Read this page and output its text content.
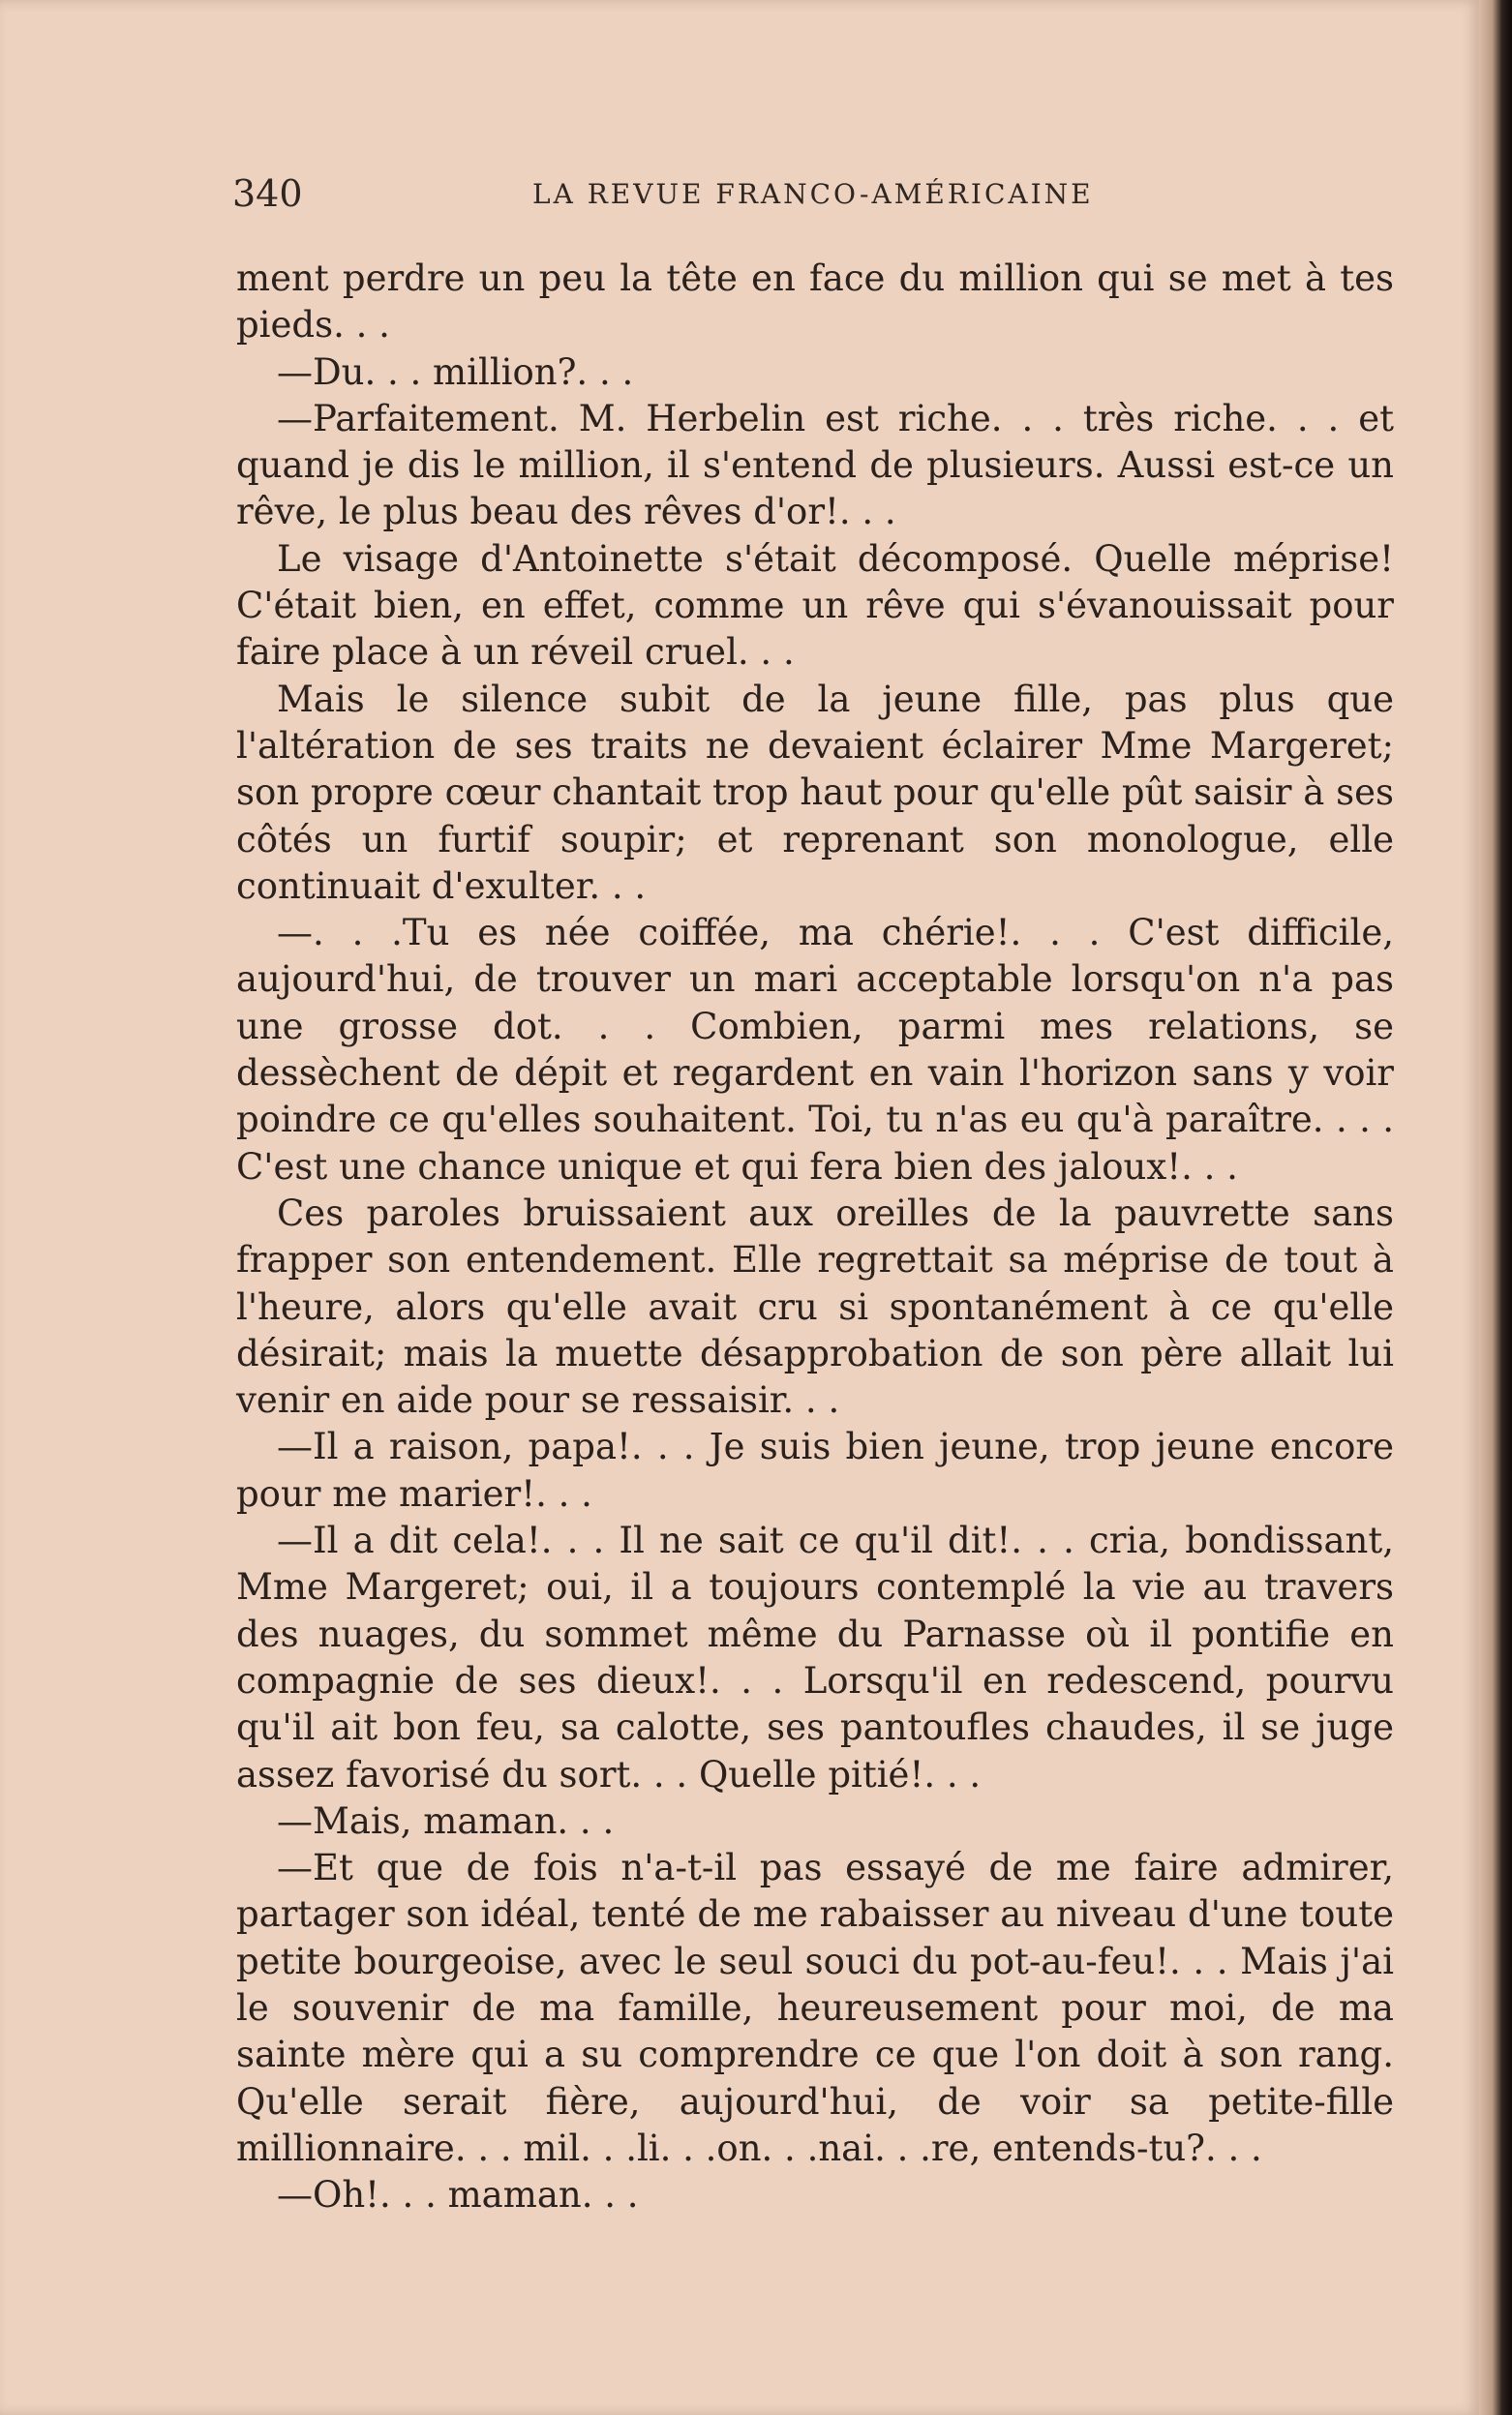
340	LA REVUE FRANCO-AMÉRICAINE

ment perdre un peu la tête en face du million qui se met à tes pieds. . .

—Du. . . million?. . .

—Parfaitement. M. Herbelin est riche. . . très riche. . . et quand je dis le million, il s'entend de plusieurs. Aussi est-ce un rêve, le plus beau des rêves d'or!. . .

Le visage d'Antoinette s'était décomposé. Quelle méprise! C'était bien, en effet, comme un rêve qui s'évanouissait pour faire place à un réveil cruel. . .

Mais le silence subit de la jeune fille, pas plus que l'altération de ses traits ne devaient éclairer Mme Margeret; son propre cœur chantait trop haut pour qu'elle pût saisir à ses côtés un furtif soupir; et reprenant son monologue, elle continuait d'exulter. . .

—. . .Tu es née coiffée, ma chérie!. . . C'est difficile, aujourd'hui, de trouver un mari acceptable lorsqu'on n'a pas une grosse dot. . . Combien, parmi mes relations, se dessèchent de dépit et regardent en vain l'horizon sans y voir poindre ce qu'elles souhaitent. Toi, tu n'as eu qu'à paraître. . . . C'est une chance unique et qui fera bien des jaloux!. . .

Ces paroles bruissaient aux oreilles de la pauvrette sans frapper son entendement. Elle regrettait sa méprise de tout à l'heure, alors qu'elle avait cru si spontanément à ce qu'elle désirait; mais la muette désapprobation de son père allait lui venir en aide pour se ressaisir. . .

—Il a raison, papa!. . . Je suis bien jeune, trop jeune encore pour me marier!. . .

—Il a dit cela!. . . Il ne sait ce qu'il dit!. . . cria, bondissant, Mme Margeret; oui, il a toujours contemplé la vie au travers des nuages, du sommet même du Parnasse où il pontifie en compagnie de ses dieux!. . . Lorsqu'il en redescend, pourvu qu'il ait bon feu, sa calotte, ses pantoufles chaudes, il se juge assez favorisé du sort. . . Quelle pitié!. . .

—Mais, maman. . .

—Et que de fois n'a-t-il pas essayé de me faire admirer, partager son idéal, tenté de me rabaisser au niveau d'une toute petite bourgeoise, avec le seul souci du pot-au-feu!. . . Mais j'ai le souvenir de ma famille, heureusement pour moi, de ma sainte mère qui a su comprendre ce que l'on doit à son rang. Qu'elle serait fière, aujourd'hui, de voir sa petite-fille millionnaire. . . mil. . .li. . .on. . .nai. . .re, entends-tu?. . .

—Oh!. . . maman. . .
